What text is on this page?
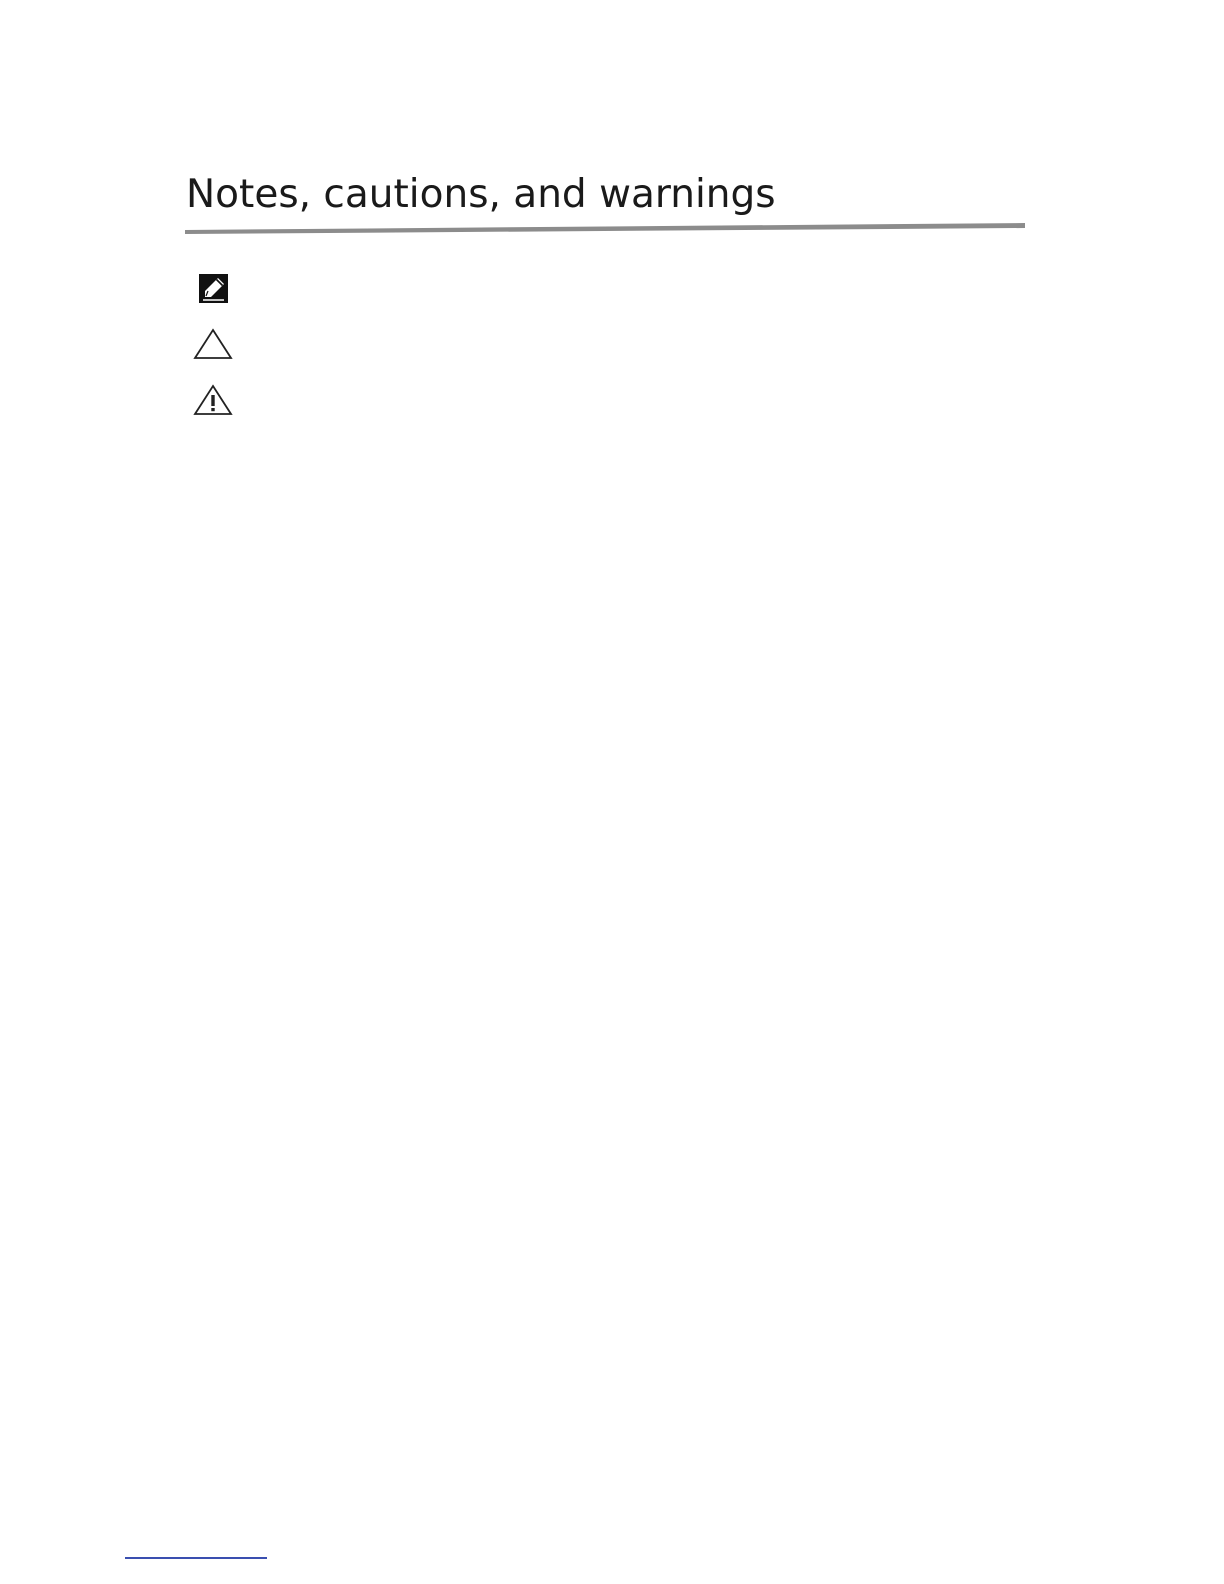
Notes, cautions, and warnings
